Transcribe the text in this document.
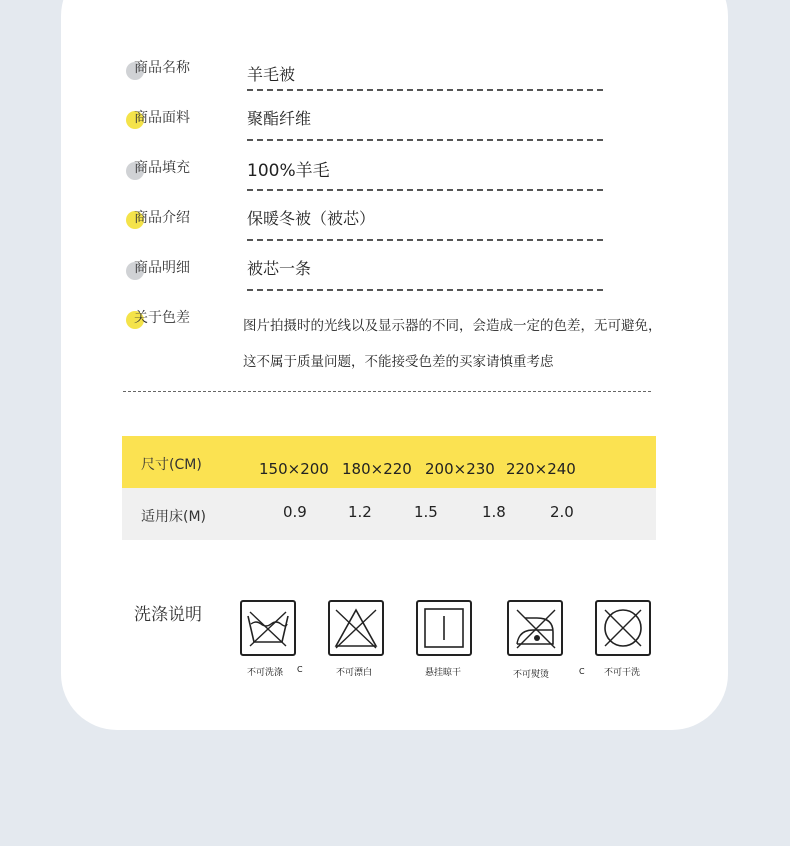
商品名称	羊毛被
商品面料	聚酯纤维
商品填充	100%羊毛
商品介绍	保暖冬被（被芯）
商品明细	被芯一条
关于色差	图片拍摄时的光线以及显示器的不同，会造成一定的色差，无可避免，
这不属于质量问题，不能接受色差的买家请慎重考虑
尺寸(CM)	150×200 180×220 200×230 220×240
适用床(M)	0.9	1.2	1.5	1.8	2.0
洗涤说明
不可洗涤 C	不可漂白	悬挂晾干	不可熨烫	C 不可干洗
